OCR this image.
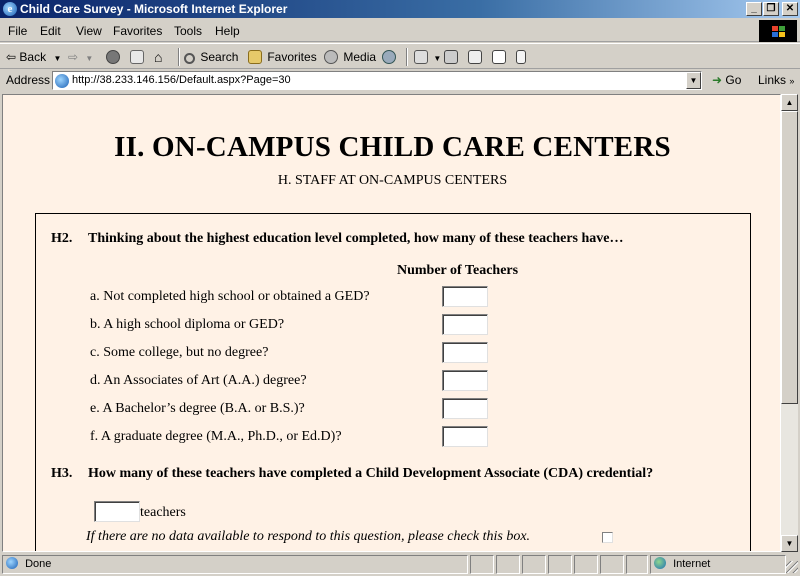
e Child Care Survey - Microsoft Internet Explorer	_ ❐	✕
File Edit View Favorites Tools Help
⇦ Back ▼ ⇨ ▼	⌂	Search	Favorites	Media	▼
Address http://38.233.146.156/Default.aspx?Page=30	▼ ➜ Go Links »
II. ON-CAMPUS CHILD CARE CENTERS
H. STAFF AT ON-CAMPUS CENTERS
H2. Thinking about the highest education level completed, how many of these teachers have…
Number of Teachers
a. Not completed high school or obtained a GED?
b. A high school diploma or GED?
c. Some college, but no degree?
d. An Associates of Art (A.A.) degree?
e. A Bachelor’s degree (B.A. or B.S.)?
f. A graduate degree (M.A., Ph.D., or Ed.D)?
H3. How many of these teachers have completed a Child Development Associate (CDA) credential?
teachers
If there are no data available to respond to this question, please check this box.
▲
▼
Done	Internet
